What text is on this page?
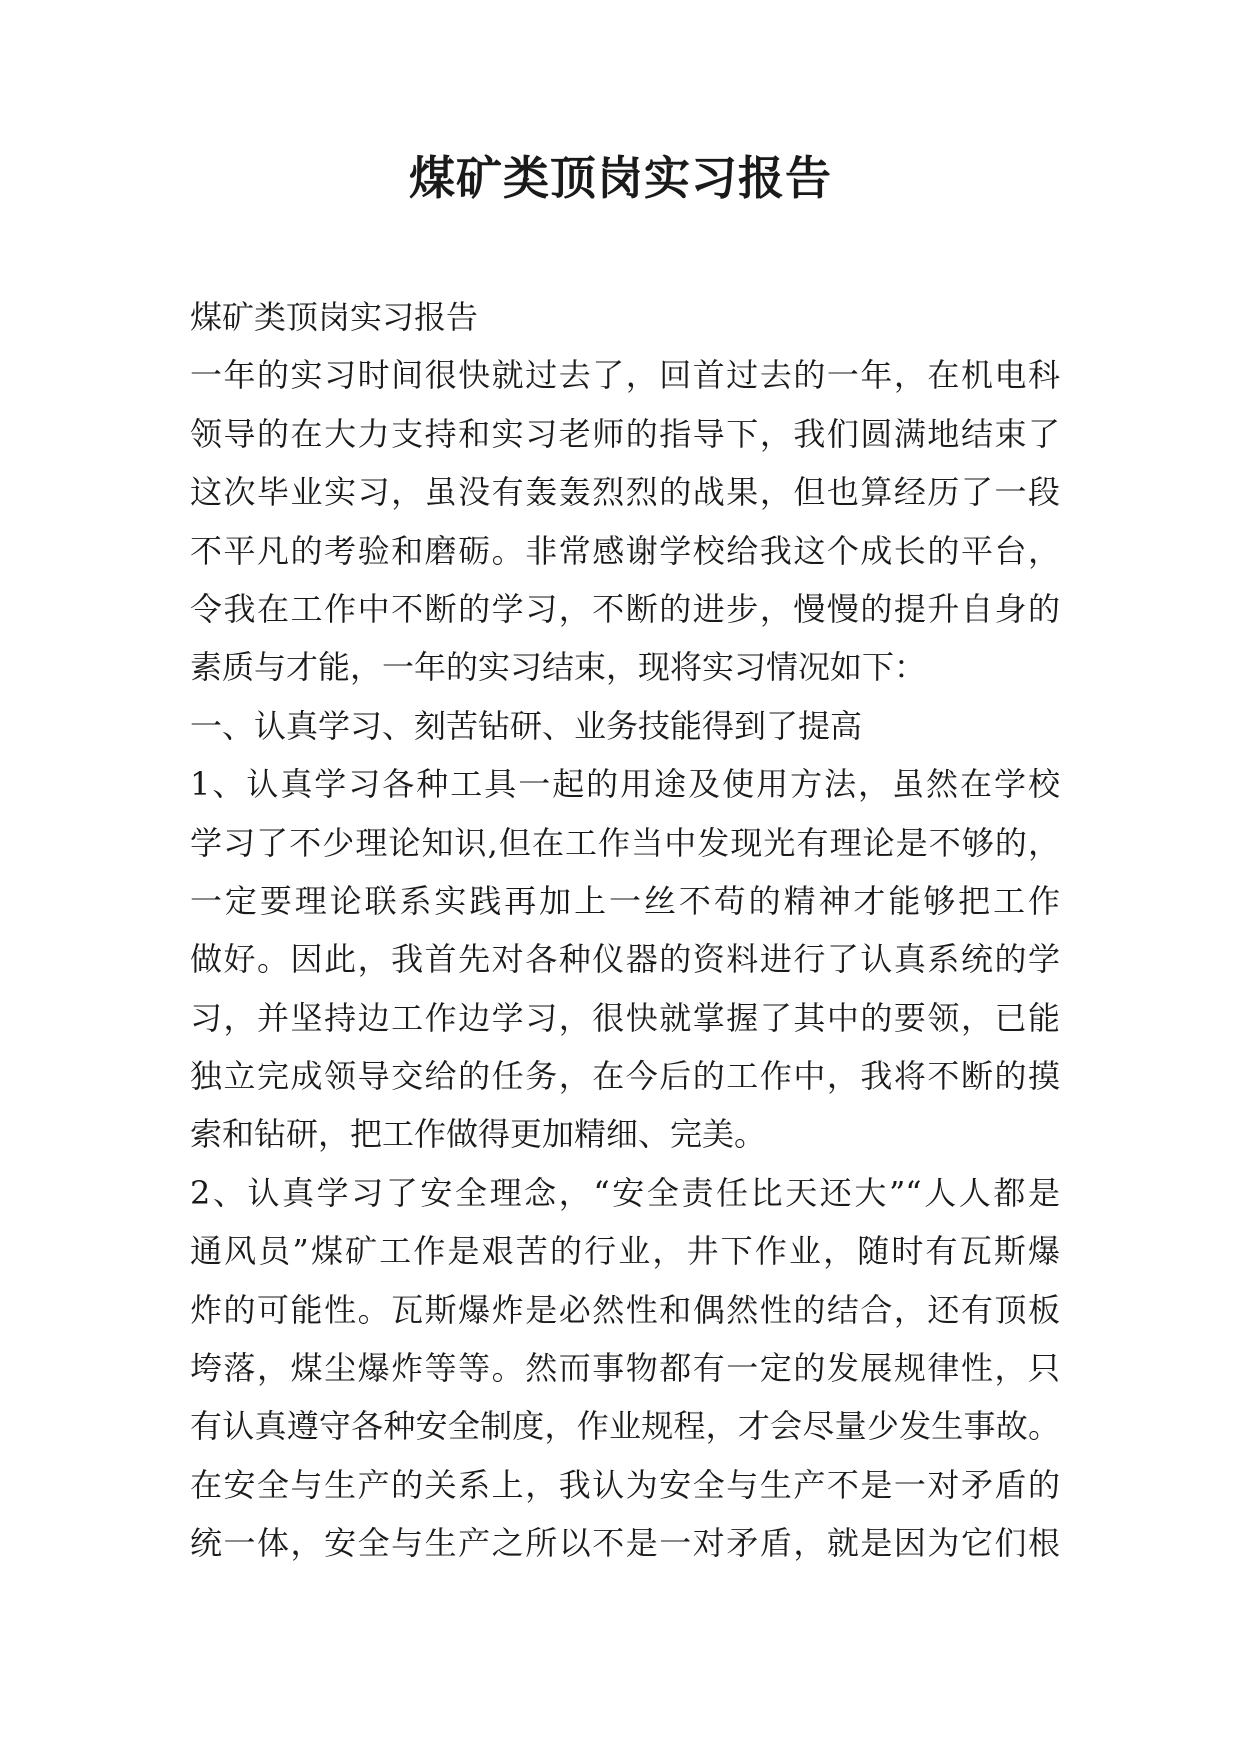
煤矿类顶岗实习报告
煤矿类顶岗实习报告
一年的实习时间很快就过去了，回首过去的一年，在机电科
领导的在大力支持和实习老师的指导下，我们圆满地结束了
这次毕业实习，虽没有轰轰烈烈的战果，但也算经历了一段
不平凡的考验和磨砺。非常感谢学校给我这个成长的平台，
令我在工作中不断的学习，不断的进步，慢慢的提升自身的
素质与才能，一年的实习结束，现将实习情况如下：
一、认真学习、刻苦钻研、业务技能得到了提高
1、认真学习各种工具一起的用途及使用方法，虽然在学校
学习了不少理论知识,但在工作当中发现光有理论是不够的，
一定要理论联系实践再加上一丝不苟的精神才能够把工作
做好。因此，我首先对各种仪器的资料进行了认真系统的学
习，并坚持边工作边学习，很快就掌握了其中的要领，已能
独立完成领导交给的任务，在今后的工作中，我将不断的摸
索和钻研，把工作做得更加精细、完美。
2、认真学习了安全理念，“安全责任比天还大”“人人都是
通风员”煤矿工作是艰苦的行业，井下作业，随时有瓦斯爆
炸的可能性。瓦斯爆炸是必然性和偶然性的结合，还有顶板
垮落，煤尘爆炸等等。然而事物都有一定的发展规律性，只
有认真遵守各种安全制度，作业规程，才会尽量少发生事故。
在安全与生产的关系上，我认为安全与生产不是一对矛盾的
统一体，安全与生产之所以不是一对矛盾，就是因为它们根
